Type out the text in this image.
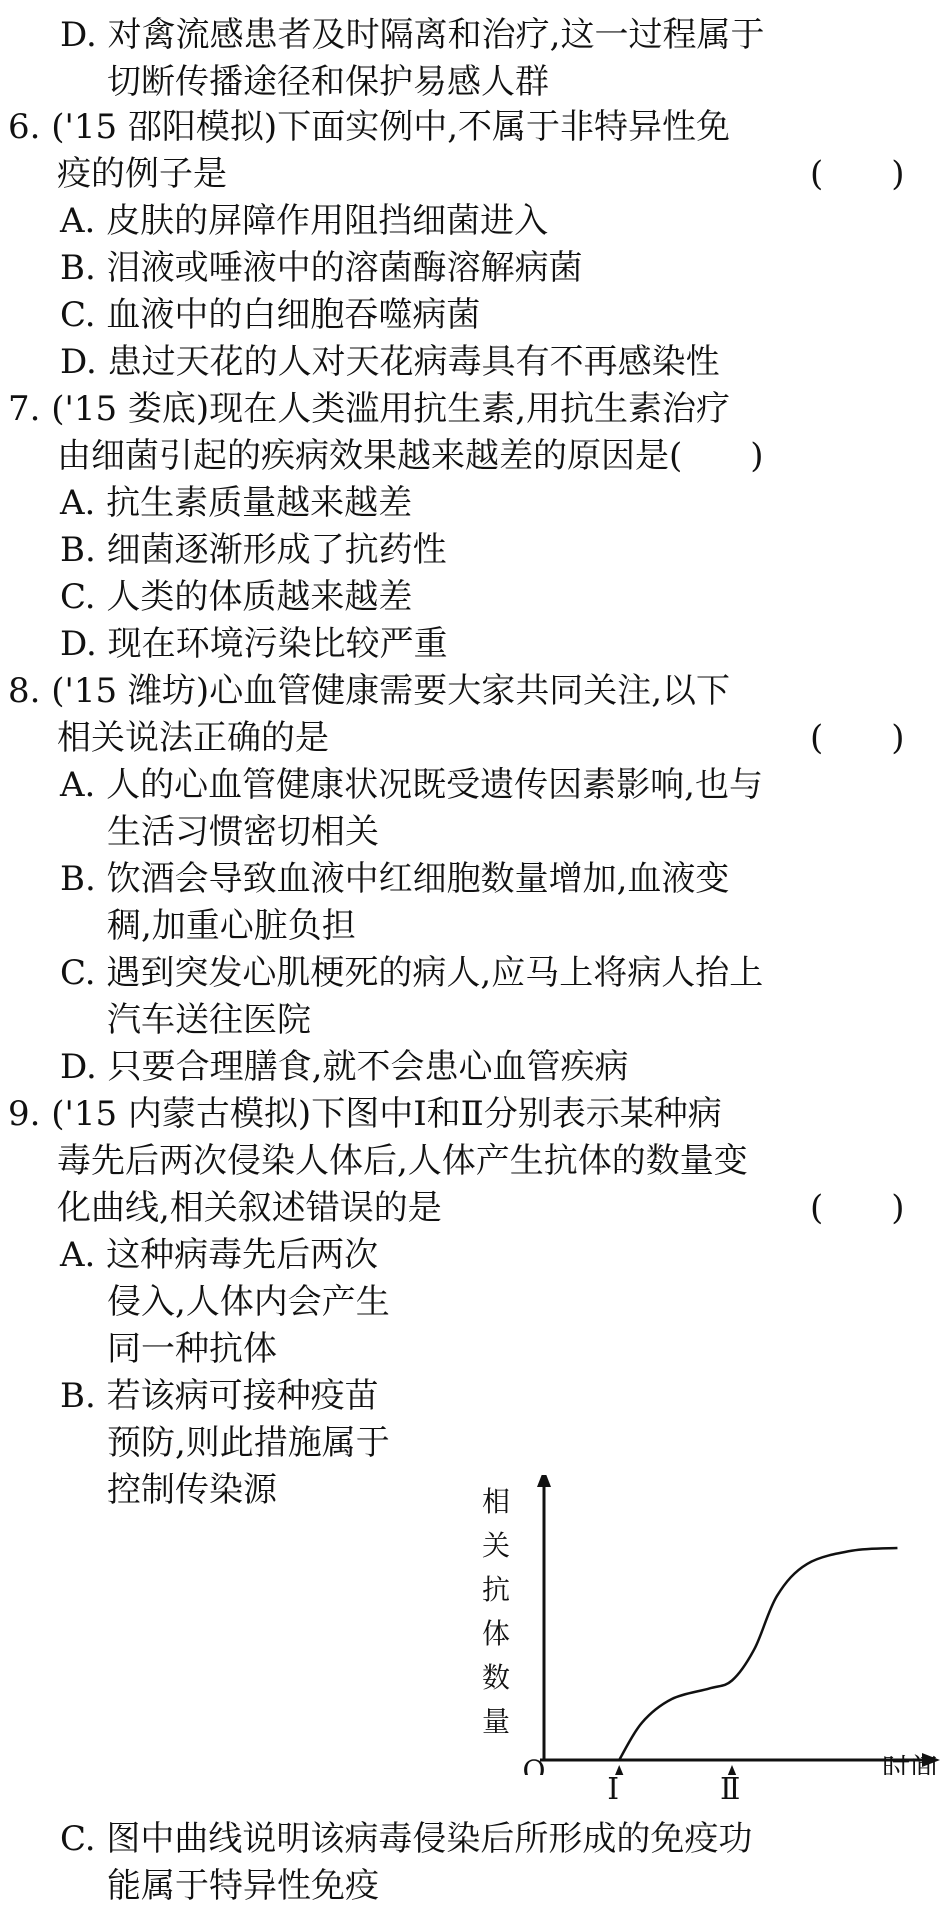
D. 对禽流感患者及时隔离和治疗,这一过程属于
切断传播途径和保护易感人群
6. ('15 邵阳模拟)下面实例中,不属于非特异性免
疫的例子是	(　　)
A. 皮肤的屏障作用阻挡细菌进入
B. 泪液或唾液中的溶菌酶溶解病菌
C. 血液中的白细胞吞噬病菌
D. 患过天花的人对天花病毒具有不再感染性
7. ('15 娄底)现在人类滥用抗生素,用抗生素治疗
由细菌引起的疾病效果越来越差的原因是(　　)
A. 抗生素质量越来越差
B. 细菌逐渐形成了抗药性
C. 人类的体质越来越差
D. 现在环境污染比较严重
8. ('15 潍坊)心血管健康需要大家共同关注,以下
相关说法正确的是	(　　)
A. 人的心血管健康状况既受遗传因素影响,也与
生活习惯密切相关
B. 饮酒会导致血液中红细胞数量增加,血液变
稠,加重心脏负担
C. 遇到突发心肌梗死的病人,应马上将病人抬上
汽车送往医院
D. 只要合理膳食,就不会患心血管疾病
9. ('15 内蒙古模拟)下图中Ⅰ和Ⅱ分别表示某种病
毒先后两次侵染人体后,人体产生抗体的数量变
化曲线,相关叙述错误的是	(　　)
A. 这种病毒先后两次
侵入,人体内会产生
同一种抗体
B. 若该病可接种疫苗
预防,则此措施属于
控制传染源
C. 图中曲线说明该病毒侵染后所形成的免疫功
能属于特异性免疫
相
关
抗
体
数
量
O	时间
Ⅰ	Ⅱ
